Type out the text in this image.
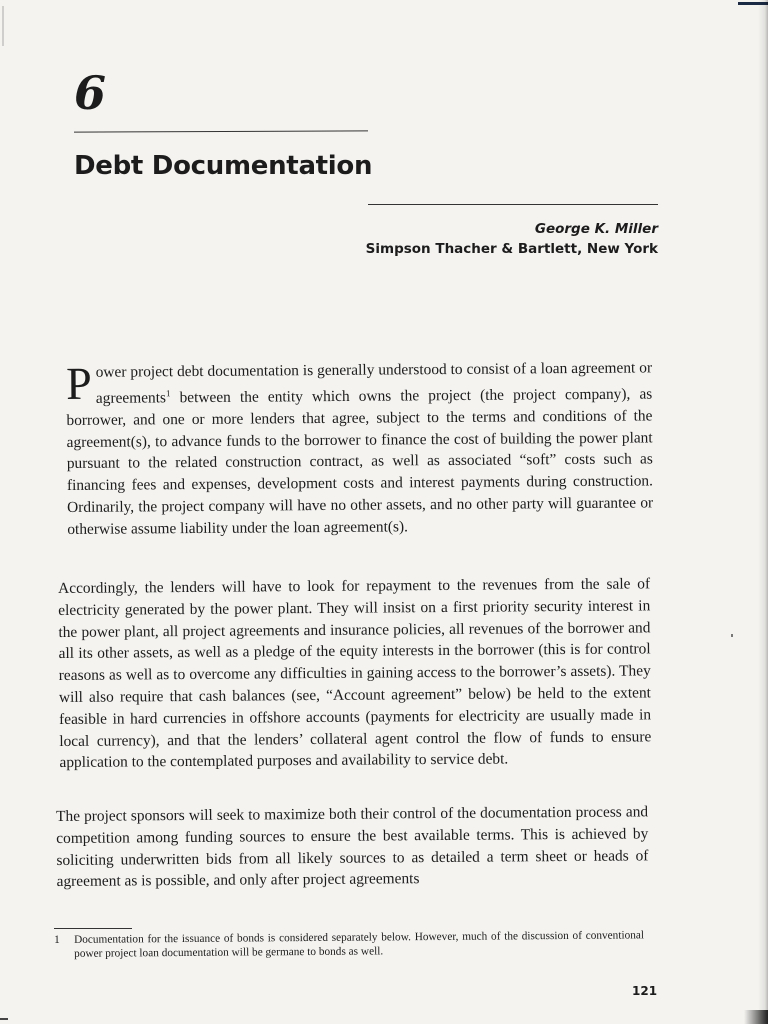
6
Debt Documentation
George K. Miller
Simpson Thacher & Bartlett, New York
Power project debt documentation is generally understood to consist of a loan agreement or agreements$^1$ between the entity which owns the project (the project company), as borrower, and one or more lenders that agree, subject to the terms and conditions of the agreement(s), to advance funds to the borrower to finance the cost of building the power plant pursuant to the related construction contract, as well as associated “soft” costs such as financing fees and expenses, development costs and interest payments during construction. Ordinarily, the project company will have no other assets, and no other party will guarantee or otherwise assume liability under the loan agreement(s).
Accordingly, the lenders will have to look for repayment to the revenues from the sale of electricity generated by the power plant. They will insist on a first priority security interest in the power plant, all project agreements and insurance policies, all revenues of the borrower and all its other assets, as well as a pledge of the equity interests in the borrower (this is for control reasons as well as to overcome any difficulties in gaining access to the borrower’s assets). They will also require that cash balances (see, “Account agreement” below) be held to the extent feasible in hard currencies in offshore accounts (payments for electricity are usually made in local currency), and that the lenders’ collateral agent control the flow of funds to ensure application to the contemplated purposes and availability to service debt.
The project sponsors will seek to maximize both their control of the documentation process and competition among funding sources to ensure the best available terms. This is achieved by soliciting underwritten bids from all likely sources to as detailed a term sheet or heads of agreement as is possible, and only after project agreements
1 Documentation for the issuance of bonds is considered separately below. However, much of the discussion of conventional power project loan documentation will be germane to bonds as well.
121
